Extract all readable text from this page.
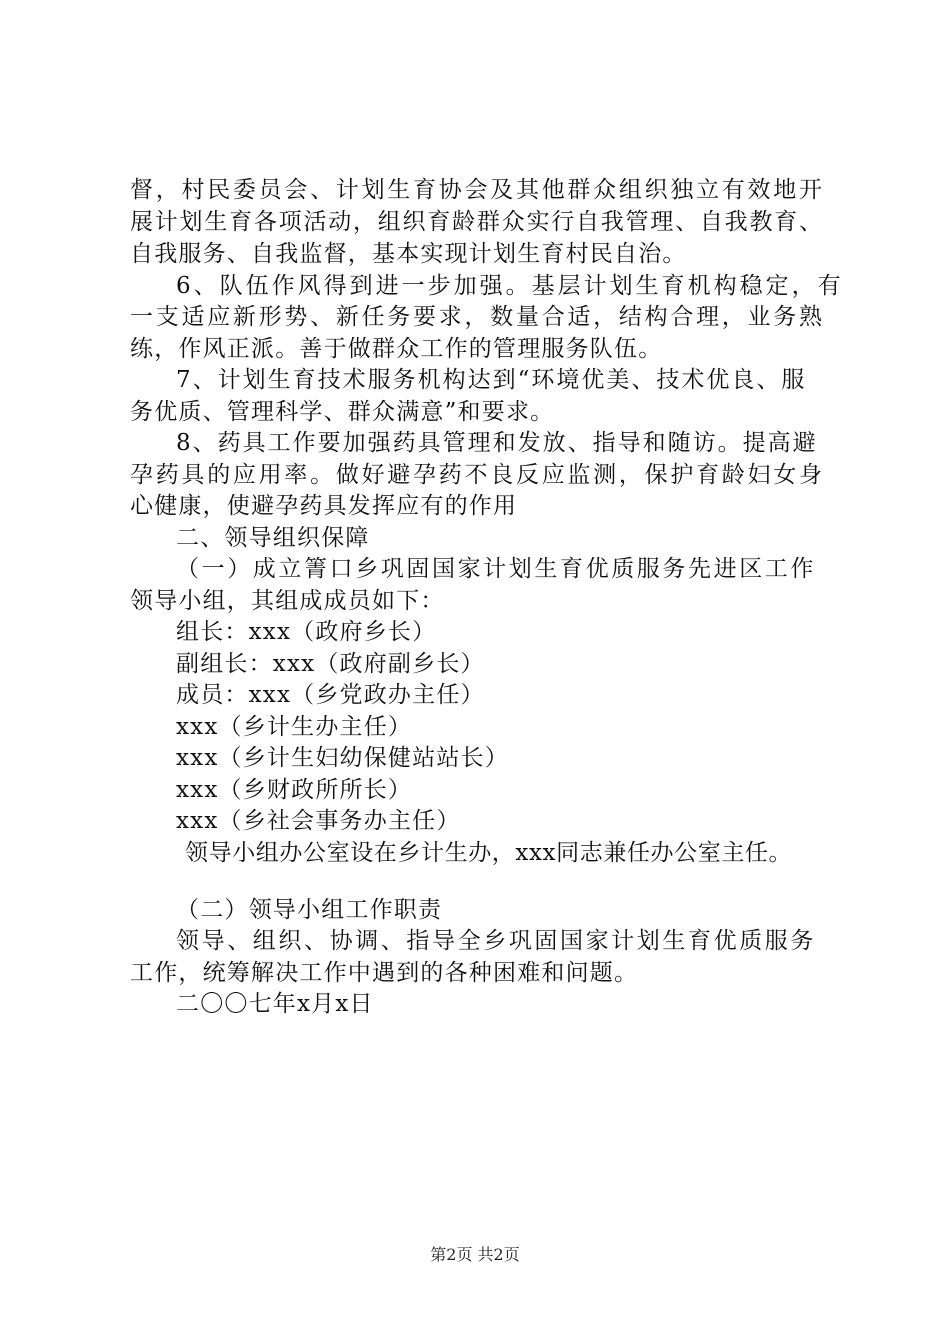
督，村民委员会、计划生育协会及其他群众组织独立有效地开
展计划生育各项活动，组织育龄群众实行自我管理、自我教育、
自我服务、自我监督，基本实现计划生育村民自治。
6、队伍作风得到进一步加强。基层计划生育机构稳定，有
一支适应新形势、新任务要求，数量合适，结构合理，业务熟
练，作风正派。善于做群众工作的管理服务队伍。
7、计划生育技术服务机构达到“环境优美、技术优良、服
务优质、管理科学、群众满意”和要求。
8、药具工作要加强药具管理和发放、指导和随访。提高避
孕药具的应用率。做好避孕药不良反应监测，保护育龄妇女身
心健康，使避孕药具发挥应有的作用
二、领导组织保障
（一）成立箐口乡巩固国家计划生育优质服务先进区工作
领导小组，其组成成员如下：
组长：xxx（政府乡长）
副组长：xxx（政府副乡长）
成员：xxx（乡党政办主任）
xxx（乡计生办主任）
xxx（乡计生妇幼保健站站长）
xxx（乡财政所所长）
xxx（乡社会事务办主任）
领导小组办公室设在乡计生办，xxx同志兼任办公室主任。
（二）领导小组工作职责
领导、组织、协调、指导全乡巩固国家计划生育优质服务
工作，统筹解决工作中遇到的各种困难和问题。
二〇〇七年x月x日
第2页 共2页
